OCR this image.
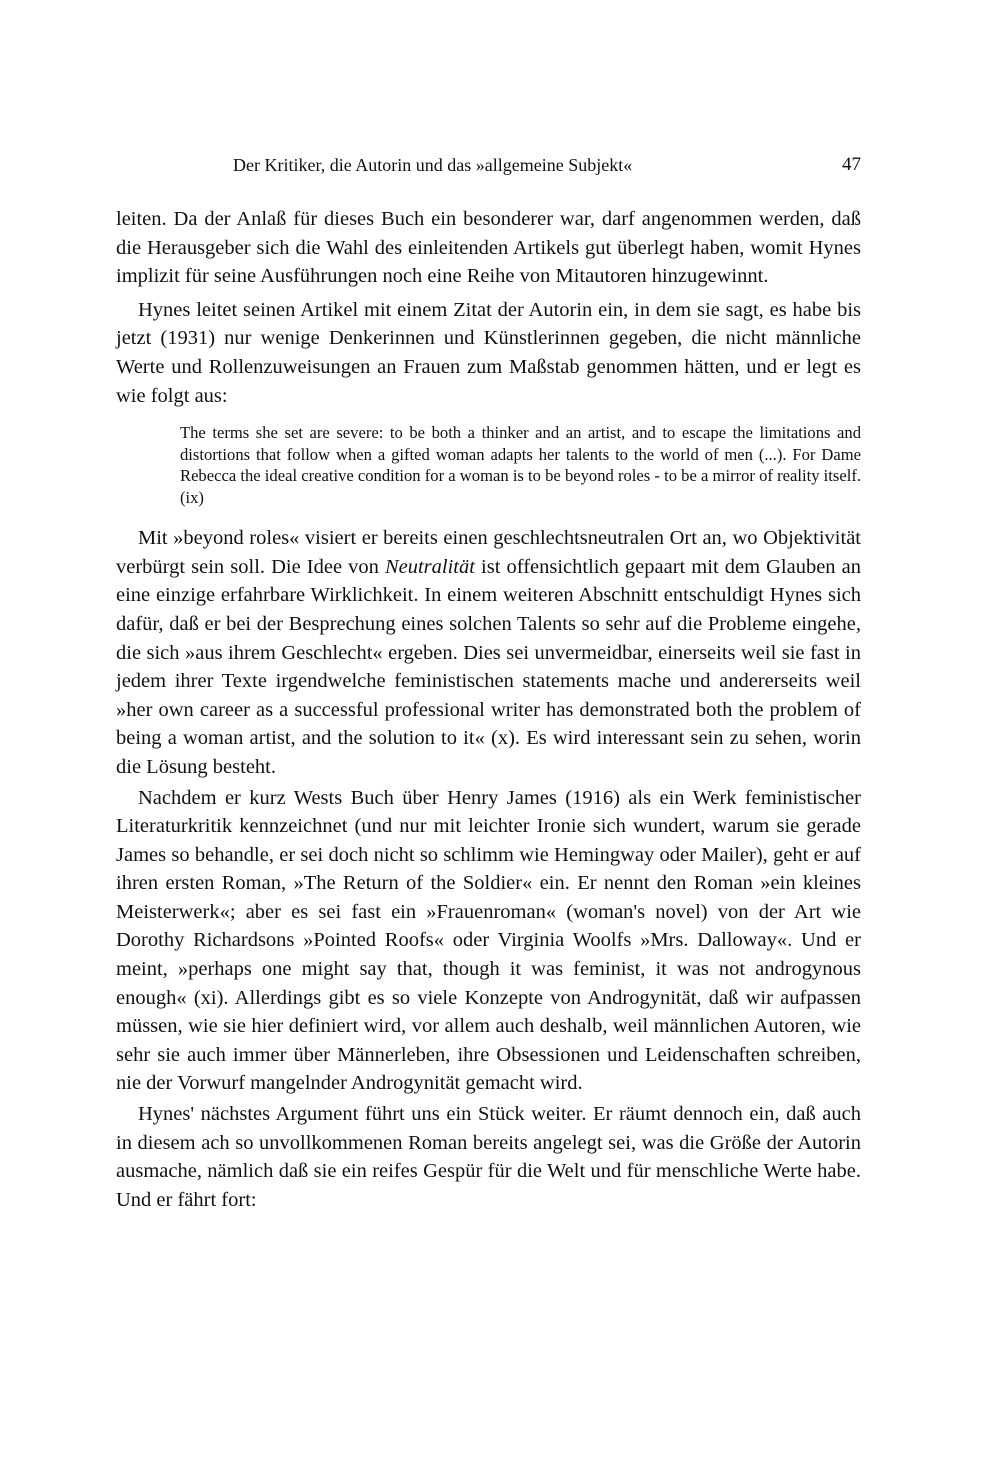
Der Kritiker, die Autorin und das »allgemeine Subjekt«	47

leiten. Da der Anlaß für dieses Buch ein besonderer war, darf angenommen werden, daß die Herausgeber sich die Wahl des einleitenden Artikels gut überlegt haben, womit Hynes implizit für seine Ausführungen noch eine Reihe von Mitautoren hinzugewinnt.

Hynes leitet seinen Artikel mit einem Zitat der Autorin ein, in dem sie sagt, es habe bis jetzt (1931) nur wenige Denkerinnen und Künstlerinnen gegeben, die nicht männliche Werte und Rollenzuweisungen an Frauen zum Maßstab genommen hätten, und er legt es wie folgt aus:

The terms she set are severe: to be both a thinker and an artist, and to escape the limitations and distortions that follow when a gifted woman adapts her talents to the world of men (...). For Dame Rebecca the ideal creative condition for a woman is to be beyond roles - to be a mirror of reality itself. (ix)

Mit »beyond roles« visiert er bereits einen geschlechtsneutralen Ort an, wo Objektivität verbürgt sein soll. Die Idee von Neutralität ist offensichtlich gepaart mit dem Glauben an eine einzige erfahrbare Wirklichkeit. In einem weiteren Abschnitt entschuldigt Hynes sich dafür, daß er bei der Besprechung eines solchen Talents so sehr auf die Probleme eingehe, die sich »aus ihrem Geschlecht« ergeben. Dies sei unvermeidbar, einerseits weil sie fast in jedem ihrer Texte irgendwelche feministischen statements mache und andererseits weil »her own career as a successful professional writer has demonstrated both the problem of being a woman artist, and the solution to it« (x). Es wird interessant sein zu sehen, worin die Lösung besteht.

Nachdem er kurz Wests Buch über Henry James (1916) als ein Werk feministischer Literaturkritik kennzeichnet (und nur mit leichter Ironie sich wundert, warum sie gerade James so behandle, er sei doch nicht so schlimm wie Hemingway oder Mailer), geht er auf ihren ersten Roman, »The Return of the Soldier« ein. Er nennt den Roman »ein kleines Meisterwerk«; aber es sei fast ein »Frauenroman« (woman's novel) von der Art wie Dorothy Richardsons »Pointed Roofs« oder Virginia Woolfs »Mrs. Dalloway«. Und er meint, »perhaps one might say that, though it was feminist, it was not androgynous enough« (xi). Allerdings gibt es so viele Konzepte von Androgynität, daß wir aufpassen müssen, wie sie hier definiert wird, vor allem auch deshalb, weil männlichen Autoren, wie sehr sie auch immer über Männerleben, ihre Obsessionen und Leidenschaften schreiben, nie der Vorwurf mangelnder Androgynität gemacht wird.

Hynes' nächstes Argument führt uns ein Stück weiter. Er räumt dennoch ein, daß auch in diesem ach so unvollkommenen Roman bereits angelegt sei, was die Größe der Autorin ausmache, nämlich daß sie ein reifes Gespür für die Welt und für menschliche Werte habe. Und er fährt fort:
